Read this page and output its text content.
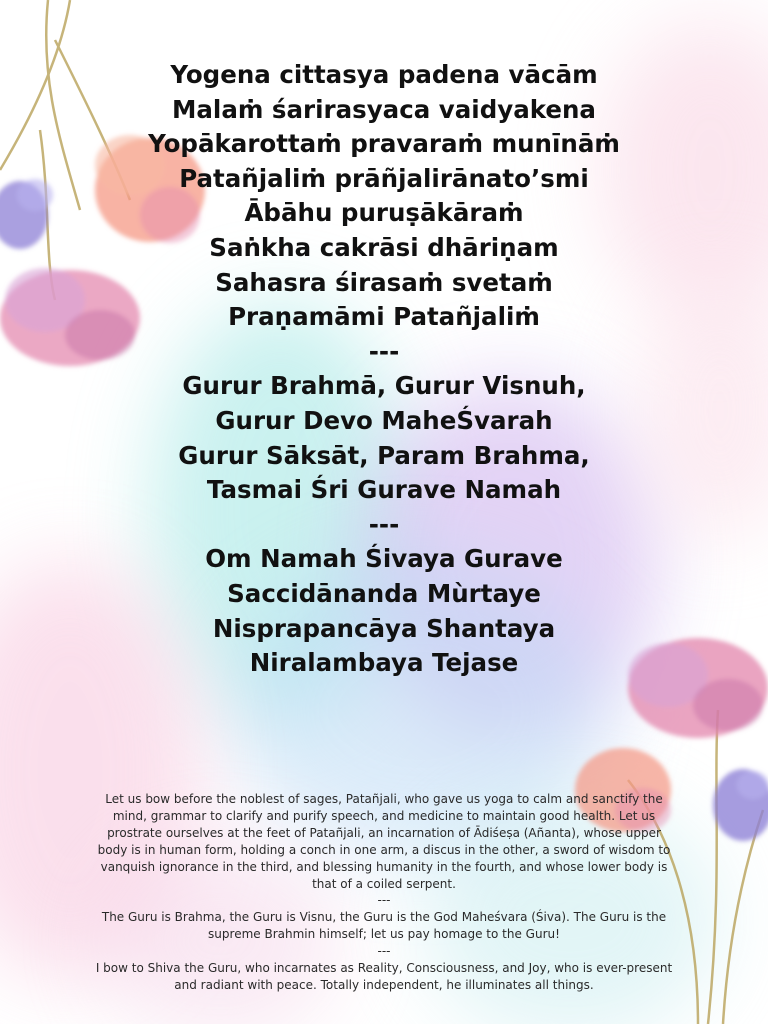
Yogena cittasya padena vācām
Malaṁ śarirasyaca vaidyakena
Yopākarottaṁ pravaraṁ munīnāṁ
Patañjaliṁ prāñjalirānato’smi
Ābāhu puruṣākāraṁ
Saṅkha cakrāsi dhāriṇam
Sahasra śirasaṁ svetaṁ
Praṇamāmi Patañjaliṁ
---
Gurur Brahmā, Gurur Visnuh,
Gurur Devo MaheŚvarah
Gurur Sāksāt, Param Brahma,
Tasmai Śri Gurave Namah
---
Om Namah Śivaya Gurave
Saccidānanda Mùrtaye
Nisprapancāya Shantaya
Niralambaya Tejase
Let us bow before the noblest of sages, Patañjali, who gave us yoga to calm and sanctify the mind, grammar to clarify and purify speech, and medicine to maintain good health. Let us prostrate ourselves at the feet of Patañjali, an incarnation of Ādiśeṣa (Añanta), whose upper body is in human form, holding a conch in one arm, a discus in the other, a sword of wisdom to vanquish ignorance in the third, and blessing humanity in the fourth, and whose lower body is that of a coiled serpent.
---
The Guru is Brahma, the Guru is Visnu, the Guru is the God Maheśvara (Śiva). The Guru is the supreme Brahmin himself; let us pay homage to the Guru!
---
I bow to Shiva the Guru, who incarnates as Reality, Consciousness, and Joy, who is ever-present and radiant with peace. Totally independent, he illuminates all things.
